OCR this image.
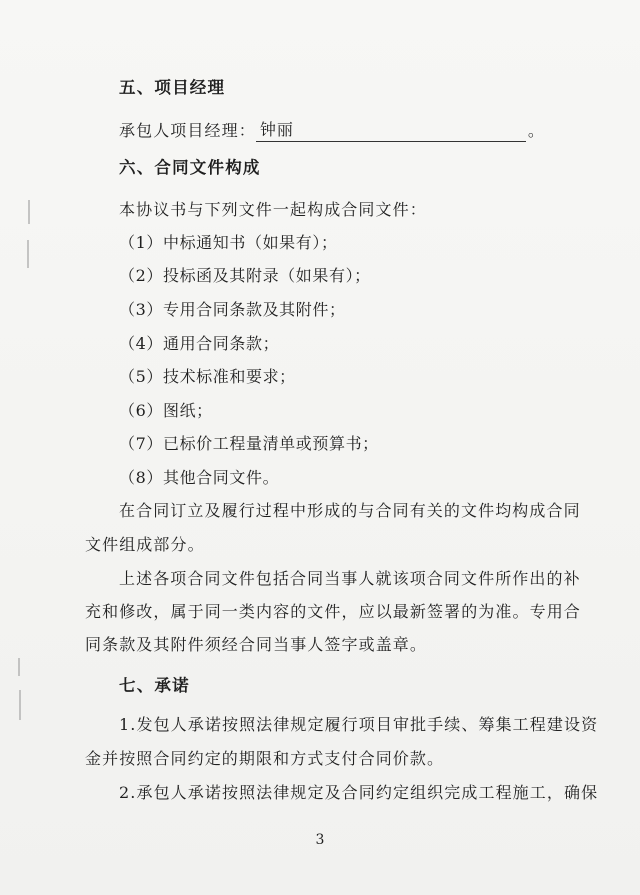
五、项目经理
承包人项目经理： 钟丽	。
六、合同文件构成
本协议书与下列文件一起构成合同文件：
（1）中标通知书（如果有）；
（2）投标函及其附录（如果有）；
（3）专用合同条款及其附件；
（4）通用合同条款；
（5）技术标准和要求；
（6）图纸；
（7）已标价工程量清单或预算书；
（8）其他合同文件。
在合同订立及履行过程中形成的与合同有关的文件均构成合同
文件组成部分。
上述各项合同文件包括合同当事人就该项合同文件所作出的补
充和修改，属于同一类内容的文件，应以最新签署的为准。专用合
同条款及其附件须经合同当事人签字或盖章。
七、承诺
1.发包人承诺按照法律规定履行项目审批手续、筹集工程建设资
金并按照合同约定的期限和方式支付合同价款。
2.承包人承诺按照法律规定及合同约定组织完成工程施工，确保
3
